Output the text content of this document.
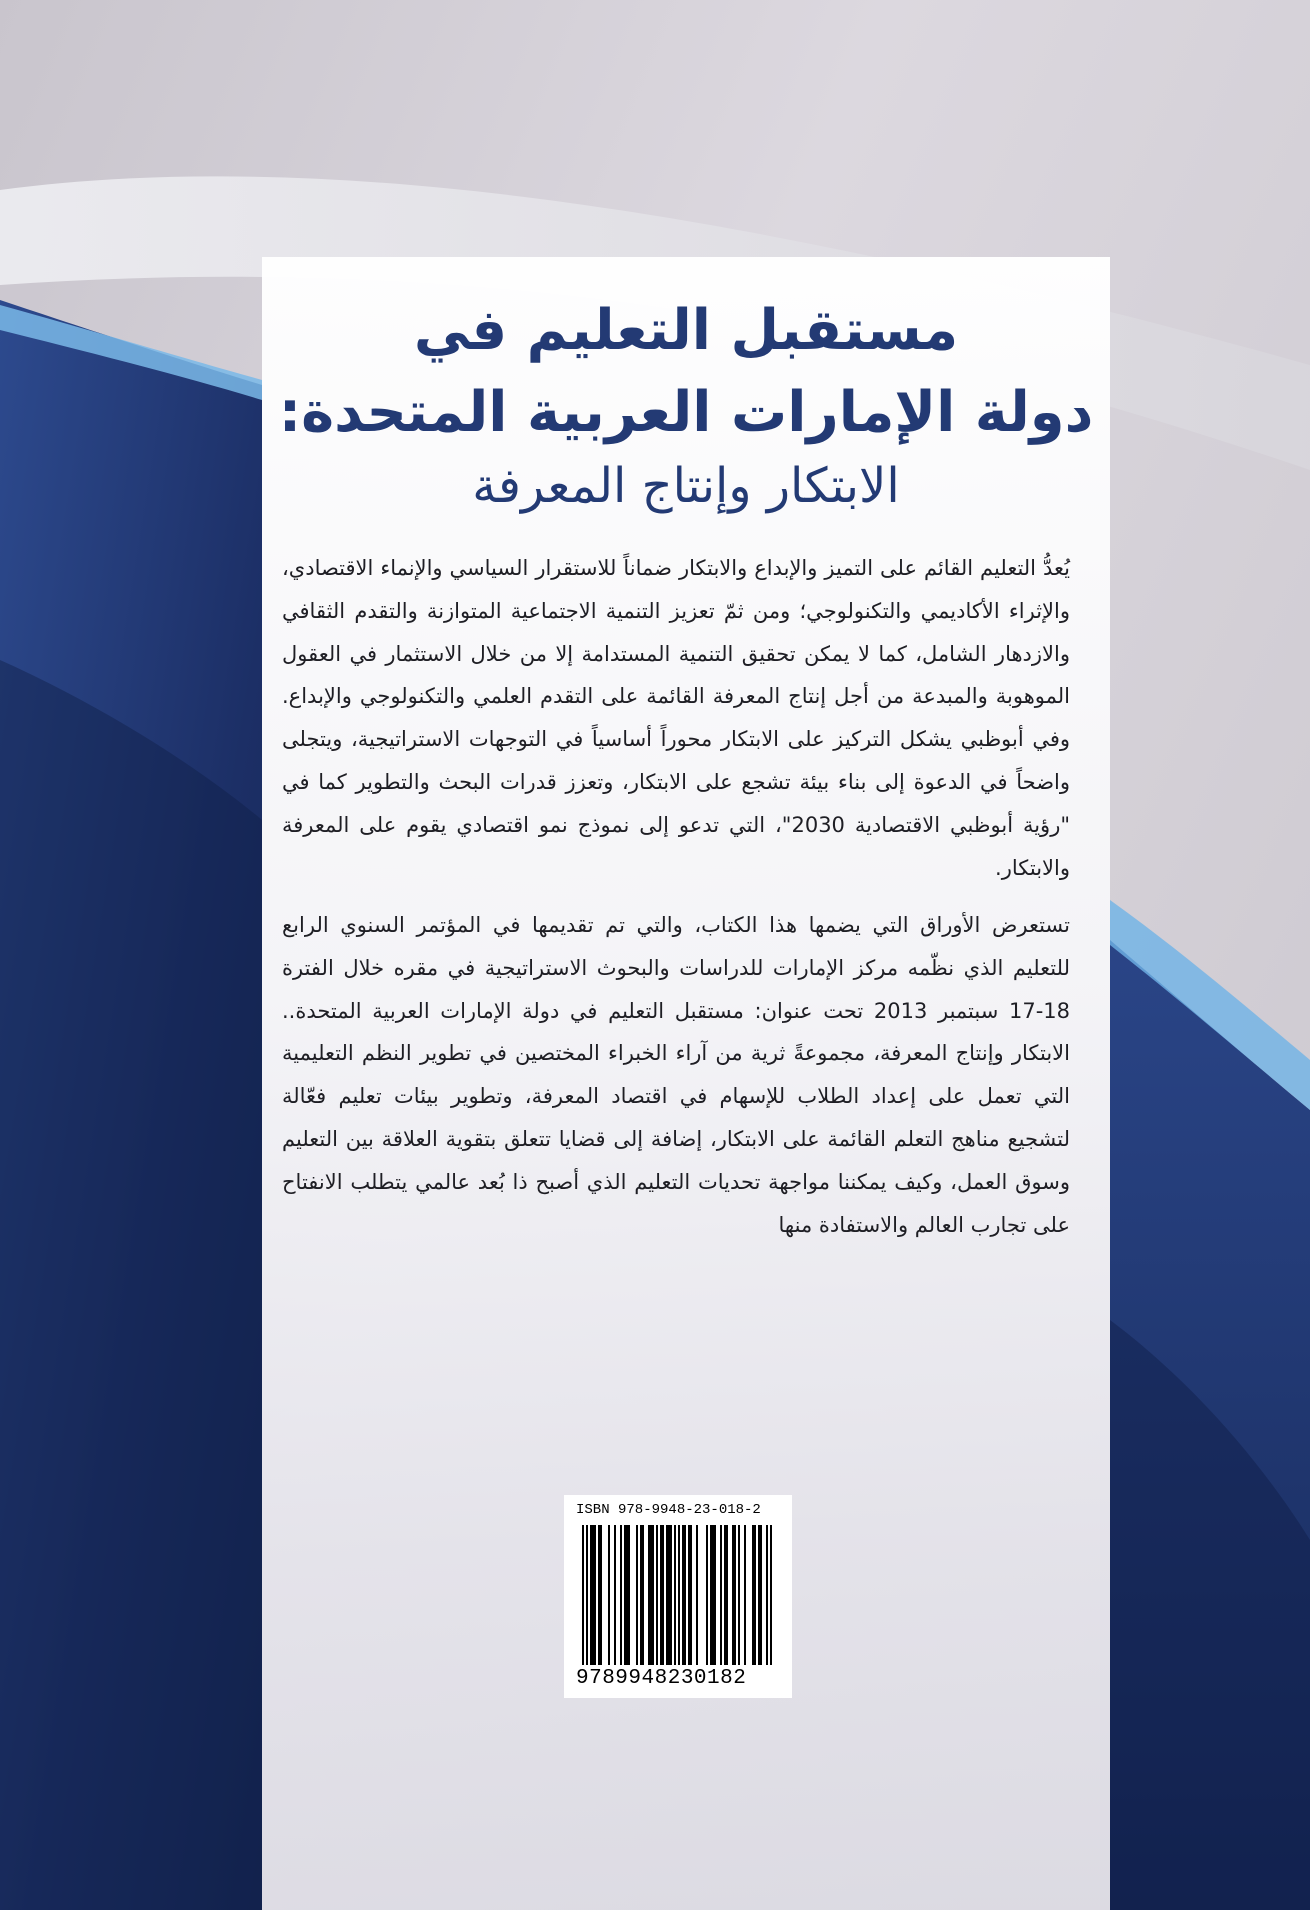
مستقبل التعليم في
دولة الإمارات العربية المتحدة:
الابتكار وإنتاج المعرفة

يُعدُّ التعليم القائم على التميز والإبداع والابتكار ضماناً للاستقرار السياسي والإنماء الاقتصادي، والإثراء الأكاديمي والتكنولوجي؛ ومن ثمّ تعزيز التنمية الاجتماعية المتوازنة والتقدم الثقافي والازدهار الشامل، كما لا يمكن تحقيق التنمية المستدامة إلا من خلال الاستثمار في العقول الموهوبة والمبدعة من أجل إنتاج المعرفة القائمة على التقدم العلمي والتكنولوجي والإبداع. وفي أبوظبي يشكل التركيز على الابتكار محوراً أساسياً في التوجهات الاستراتيجية، ويتجلى واضحاً في الدعوة إلى بناء بيئة تشجع على الابتكار، وتعزز قدرات البحث والتطوير كما في "رؤية أبوظبي الاقتصادية 2030"، التي تدعو إلى نموذج نمو اقتصادي يقوم على المعرفة والابتكار.

تستعرض الأوراق التي يضمها هذا الكتاب، والتي تم تقديمها في المؤتمر السنوي الرابع للتعليم الذي نظّمه مركز الإمارات للدراسات والبحوث الاستراتيجية في مقره خلال الفترة 18-17 سبتمبر 2013 تحت عنوان: مستقبل التعليم في دولة الإمارات العربية المتحدة.. الابتكار وإنتاج المعرفة، مجموعةً ثرية من آراء الخبراء المختصين في تطوير النظم التعليمية التي تعمل على إعداد الطلاب للإسهام في اقتصاد المعرفة، وتطوير بيئات تعليم فعّالة لتشجيع مناهج التعلم القائمة على الابتكار، إضافة إلى قضايا تتعلق بتقوية العلاقة بين التعليم وسوق العمل، وكيف يمكننا مواجهة تحديات التعليم الذي أصبح ذا بُعد عالمي يتطلب الانفتاح على تجارب العالم والاستفادة منها

ISBN 978-9948-23-018-2
9789948230182
